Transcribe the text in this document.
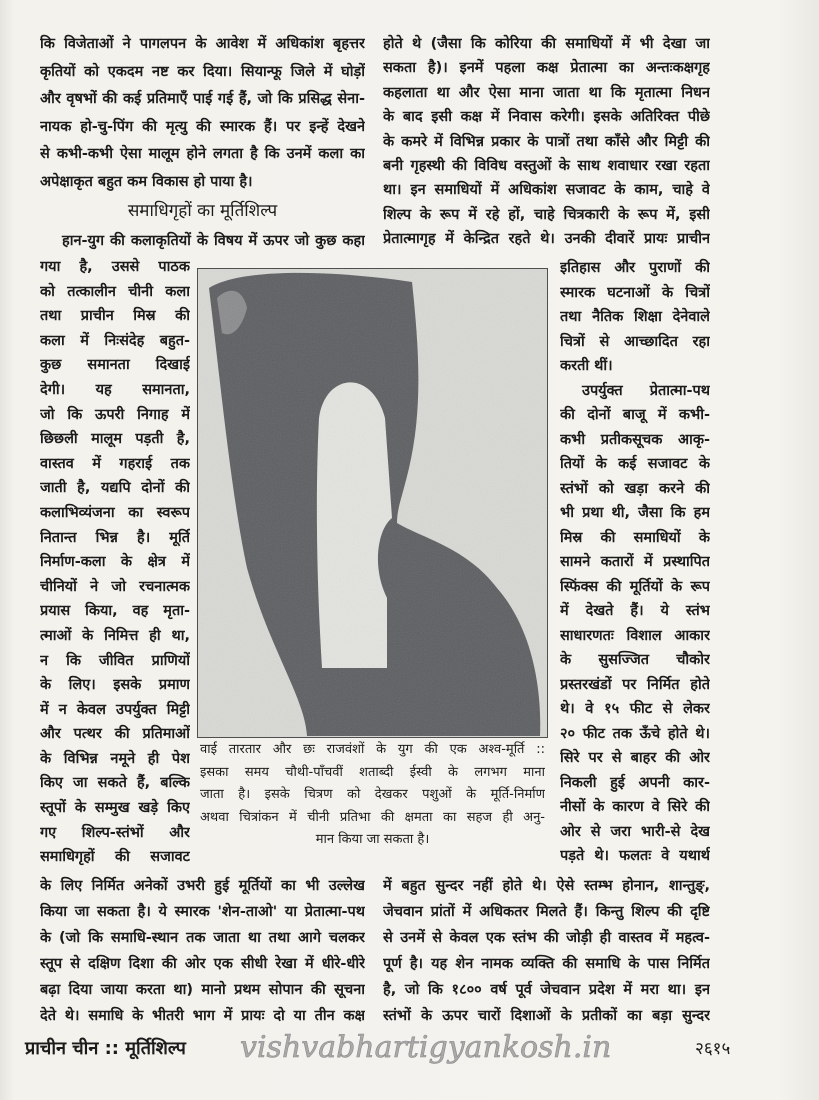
कि विजेताओं ने पागलपन के आवेश में अधिकांश बृहत्तर
कृतियों को एकदम नष्ट कर दिया। सियान्फू जिले में घोड़ों
और वृषभों की कई प्रतिमाएँ पाई गई हैं, जो कि प्रसिद्ध सेना-
नायक हो-चु-पिंग की मृत्यु की स्मारक हैं। पर इन्हें देखने
से कभी-कभी ऐसा मालूम होने लगता है कि उनमें कला का
अपेक्षाकृत बहुत कम विकास हो पाया है।
समाधिगृहों का मूर्तिशिल्प
हान-युग की कलाकृतियों के विषय में ऊपर जो कुछ कहा
होते थे (जैसा कि कोरिया की समाधियों में भी देखा जा
सकता है)। इनमें पहला कक्ष प्रेतात्मा का अन्तःकक्षगृह
कहलाता था और ऐसा माना जाता था कि मृतात्मा निधन
के बाद इसी कक्ष में निवास करेगी। इसके अतिरिक्त पीछे
के कमरे में विभिन्न प्रकार के पात्रों तथा काँसे और मिट्टी की
बनी गृहस्थी की विविध वस्तुओं के साथ शवाधार रखा रहता
था। इन समाधियों में अधिकांश सजावट के काम, चाहे वे
शिल्प के रूप में रहे हों, चाहे चित्रकारी के रूप में, इसी
प्रेतात्मागृह में केन्द्रित रहते थे। उनकी दीवारें प्रायः प्राचीन
गया है, उससे पाठक
को तत्कालीन चीनी कला
तथा प्राचीन मिस्र की
कला में निःसंदेह बहुत-
कुछ समानता दिखाई
देगी। यह समानता,
जो कि ऊपरी निगाह में
छिछली मालूम पड़ती है,
वास्तव में गहराई तक
जाती है, यद्यपि दोनों की
कलाभिव्यंजना का स्वरूप
नितान्त भिन्न है। मूर्ति
निर्माण-कला के क्षेत्र में
चीनियों ने जो रचनात्मक
प्रयास किया, वह मृता-
त्माओं के निमित्त ही था,
न कि जीवित प्राणियों
के लिए। इसके प्रमाण
में न केवल उपर्युक्त मिट्टी
और पत्थर की प्रतिमाओं
के विभिन्न नमूने ही पेश
किए जा सकते हैं, बल्कि
स्तूपों के सम्मुख खड़े किए
गए शिल्प-स्तंभों और
समाधिगृहों की सजावट
इतिहास और पुराणों की
स्मारक घटनाओं के चित्रों
तथा नैतिक शिक्षा देनेवाले
चित्रों से आच्छादित रहा
करती थीं।
उपर्युक्त प्रेतात्मा-पथ
की दोनों बाजू में कभी-
कभी प्रतीकसूचक आकृ-
तियों के कई सजावट के
स्तंभों को खड़ा करने की
भी प्रथा थी, जैसा कि हम
मिस्र की समाधियों के
सामने कतारों में प्रस्थापित
स्फिंक्स की मूर्तियों के रूप
में देखते हैं। ये स्तंभ
साधारणतः विशाल आकार
के सुसज्जित चौकोर
प्रस्तरखंडों पर निर्मित होते
थे। वे १५ फीट से लेकर
२० फीट तक ऊँचे होते थे।
सिरे पर से बाहर की ओर
निकली हुई अपनी कार-
नीसों के कारण वे सिरे की
ओर से जरा भारी-से देख
पड़ते थे। फलतः वे यथार्थ
वाई तारतार और छः राजवंशों के युग की एक अश्व-मूर्ति ::
इसका समय चौथी-पाँचवीं शताब्दी ईस्वी के लगभग माना
जाता है। इसके चित्रण को देखकर पशुओं के मूर्ति-निर्माण
अथवा चित्रांकन में चीनी प्रतिभा की क्षमता का सहज ही अनु-
मान किया जा सकता है।
के लिए निर्मित अनेकों उभरी हुई मूर्तियों का भी उल्लेख
किया जा सकता है। ये स्मारक 'शेन-ताओ' या प्रेतात्मा-पथ
के (जो कि समाधि-स्थान तक जाता था तथा आगे चलकर
स्तूप से दक्षिण दिशा की ओर एक सीधी रेखा में धीरे-धीरे
बढ़ा दिया जाया करता था) मानो प्रथम सोपान की सूचना
देते थे। समाधि के भीतरी भाग में प्रायः दो या तीन कक्ष
में बहुत सुन्दर नहीं होते थे। ऐसे स्तम्भ होनान, शान्तुङ्,
जेचवान प्रांतों में अधिकतर मिलते हैं। किन्तु शिल्प की दृष्टि
से उनमें से केवल एक स्तंभ की जोड़ी ही वास्तव में महत्व-
पूर्ण है। यह शेन नामक व्यक्ति की समाधि के पास निर्मित
है, जो कि १८०० वर्ष पूर्व जेचवान प्रदेश में मरा था। इन
स्तंभों के ऊपर चारों दिशाओं के प्रतीकों का बड़ा सुन्दर
प्राचीन चीन :: मूर्तिशिल्प vishvabhartigyankosh.in	२६१५
